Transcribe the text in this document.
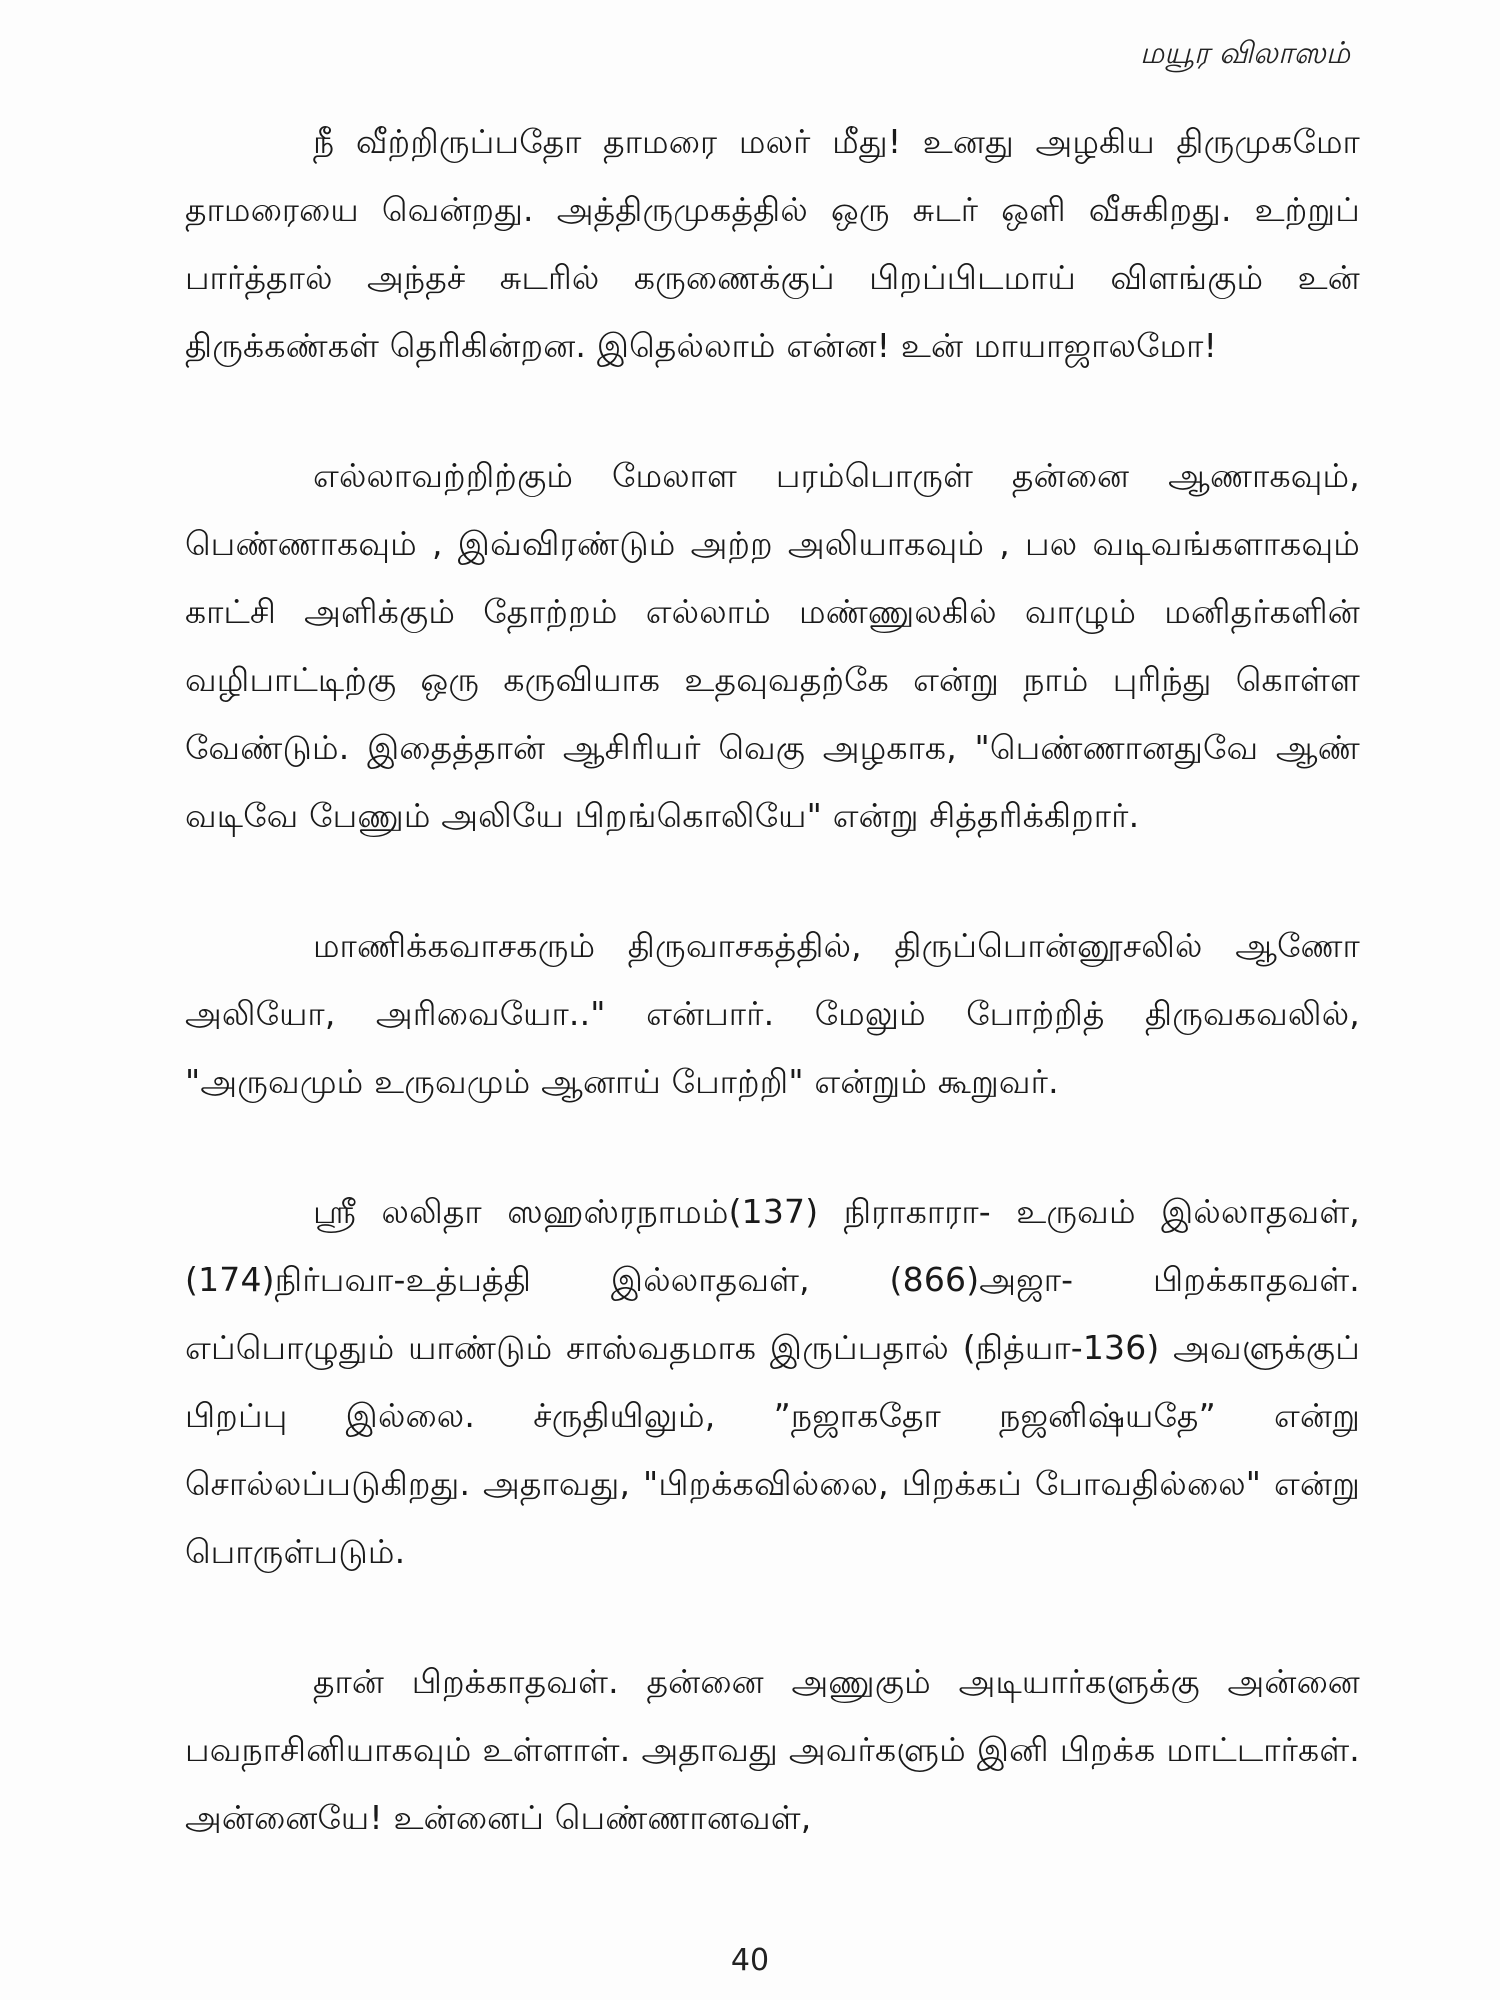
மயூர விலாஸம்

நீ வீற்றிருப்பதோ தாமரை மலர் மீது! உனது அழகிய திருமுகமோ தாமரையை வென்றது. அத்திருமுகத்தில் ஒரு சுடர் ஒளி வீசுகிறது. உற்றுப் பார்த்தால் அந்தச் சுடரில் கருணைக்குப் பிறப்பிடமாய் விளங்கும் உன் திருக்கண்கள் தெரிகின்றன. இதெல்லாம் என்ன! உன் மாயாஜாலமோ!

எல்லாவற்றிற்கும் மேலாள பரம்பொருள் தன்னை ஆணாகவும், பெண்ணாகவும் , இவ்விரண்டும் அற்ற அலியாகவும் , பல வடிவங்களாகவும் காட்சி அளிக்கும் தோற்றம் எல்லாம் மண்ணுலகில் வாழும் மனிதர்களின் வழிபாட்டிற்கு ஒரு கருவியாக உதவுவதற்கே என்று நாம் புரிந்து கொள்ள வேண்டும். இதைத்தான் ஆசிரியர் வெகு அழகாக, "பெண்ணானதுவே ஆண் வடிவே பேணும் அலியே பிறங்கொலியே" என்று சித்தரிக்கிறார்.

மாணிக்கவாசகரும் திருவாசகத்தில், திருப்பொன்னூசலில் ஆணோ அலியோ, அரிவையோ.." என்பார். மேலும் போற்றித் திருவகவலில், "அருவமும் உருவமும் ஆனாய் போற்றி" என்றும் கூறுவர்.

ஸ்ரீ லலிதா ஸஹஸ்ரநாமம்(137) நிராகாரா- உருவம் இல்லாதவள், (174)நிர்பவா-உத்பத்தி இல்லாதவள், (866)அஜா- பிறக்காதவள். எப்பொழுதும் யாண்டும் சாஸ்வதமாக இருப்பதால் (நித்யா-136) அவளுக்குப் பிறப்பு இல்லை. ச்ருதியிலும், ”நஜாகதோ நஜனிஷ்யதே” என்று சொல்லப்படுகிறது. அதாவது, "பிறக்கவில்லை, பிறக்கப் போவதில்லை" என்று பொருள்படும்.

தான் பிறக்காதவள். தன்னை அணுகும் அடியார்களுக்கு அன்னை பவநாசினியாகவும் உள்ளாள். அதாவது அவர்களும் இனி பிறக்க மாட்டார்கள். அன்னையே! உன்னைப் பெண்ணானவள்,

40
